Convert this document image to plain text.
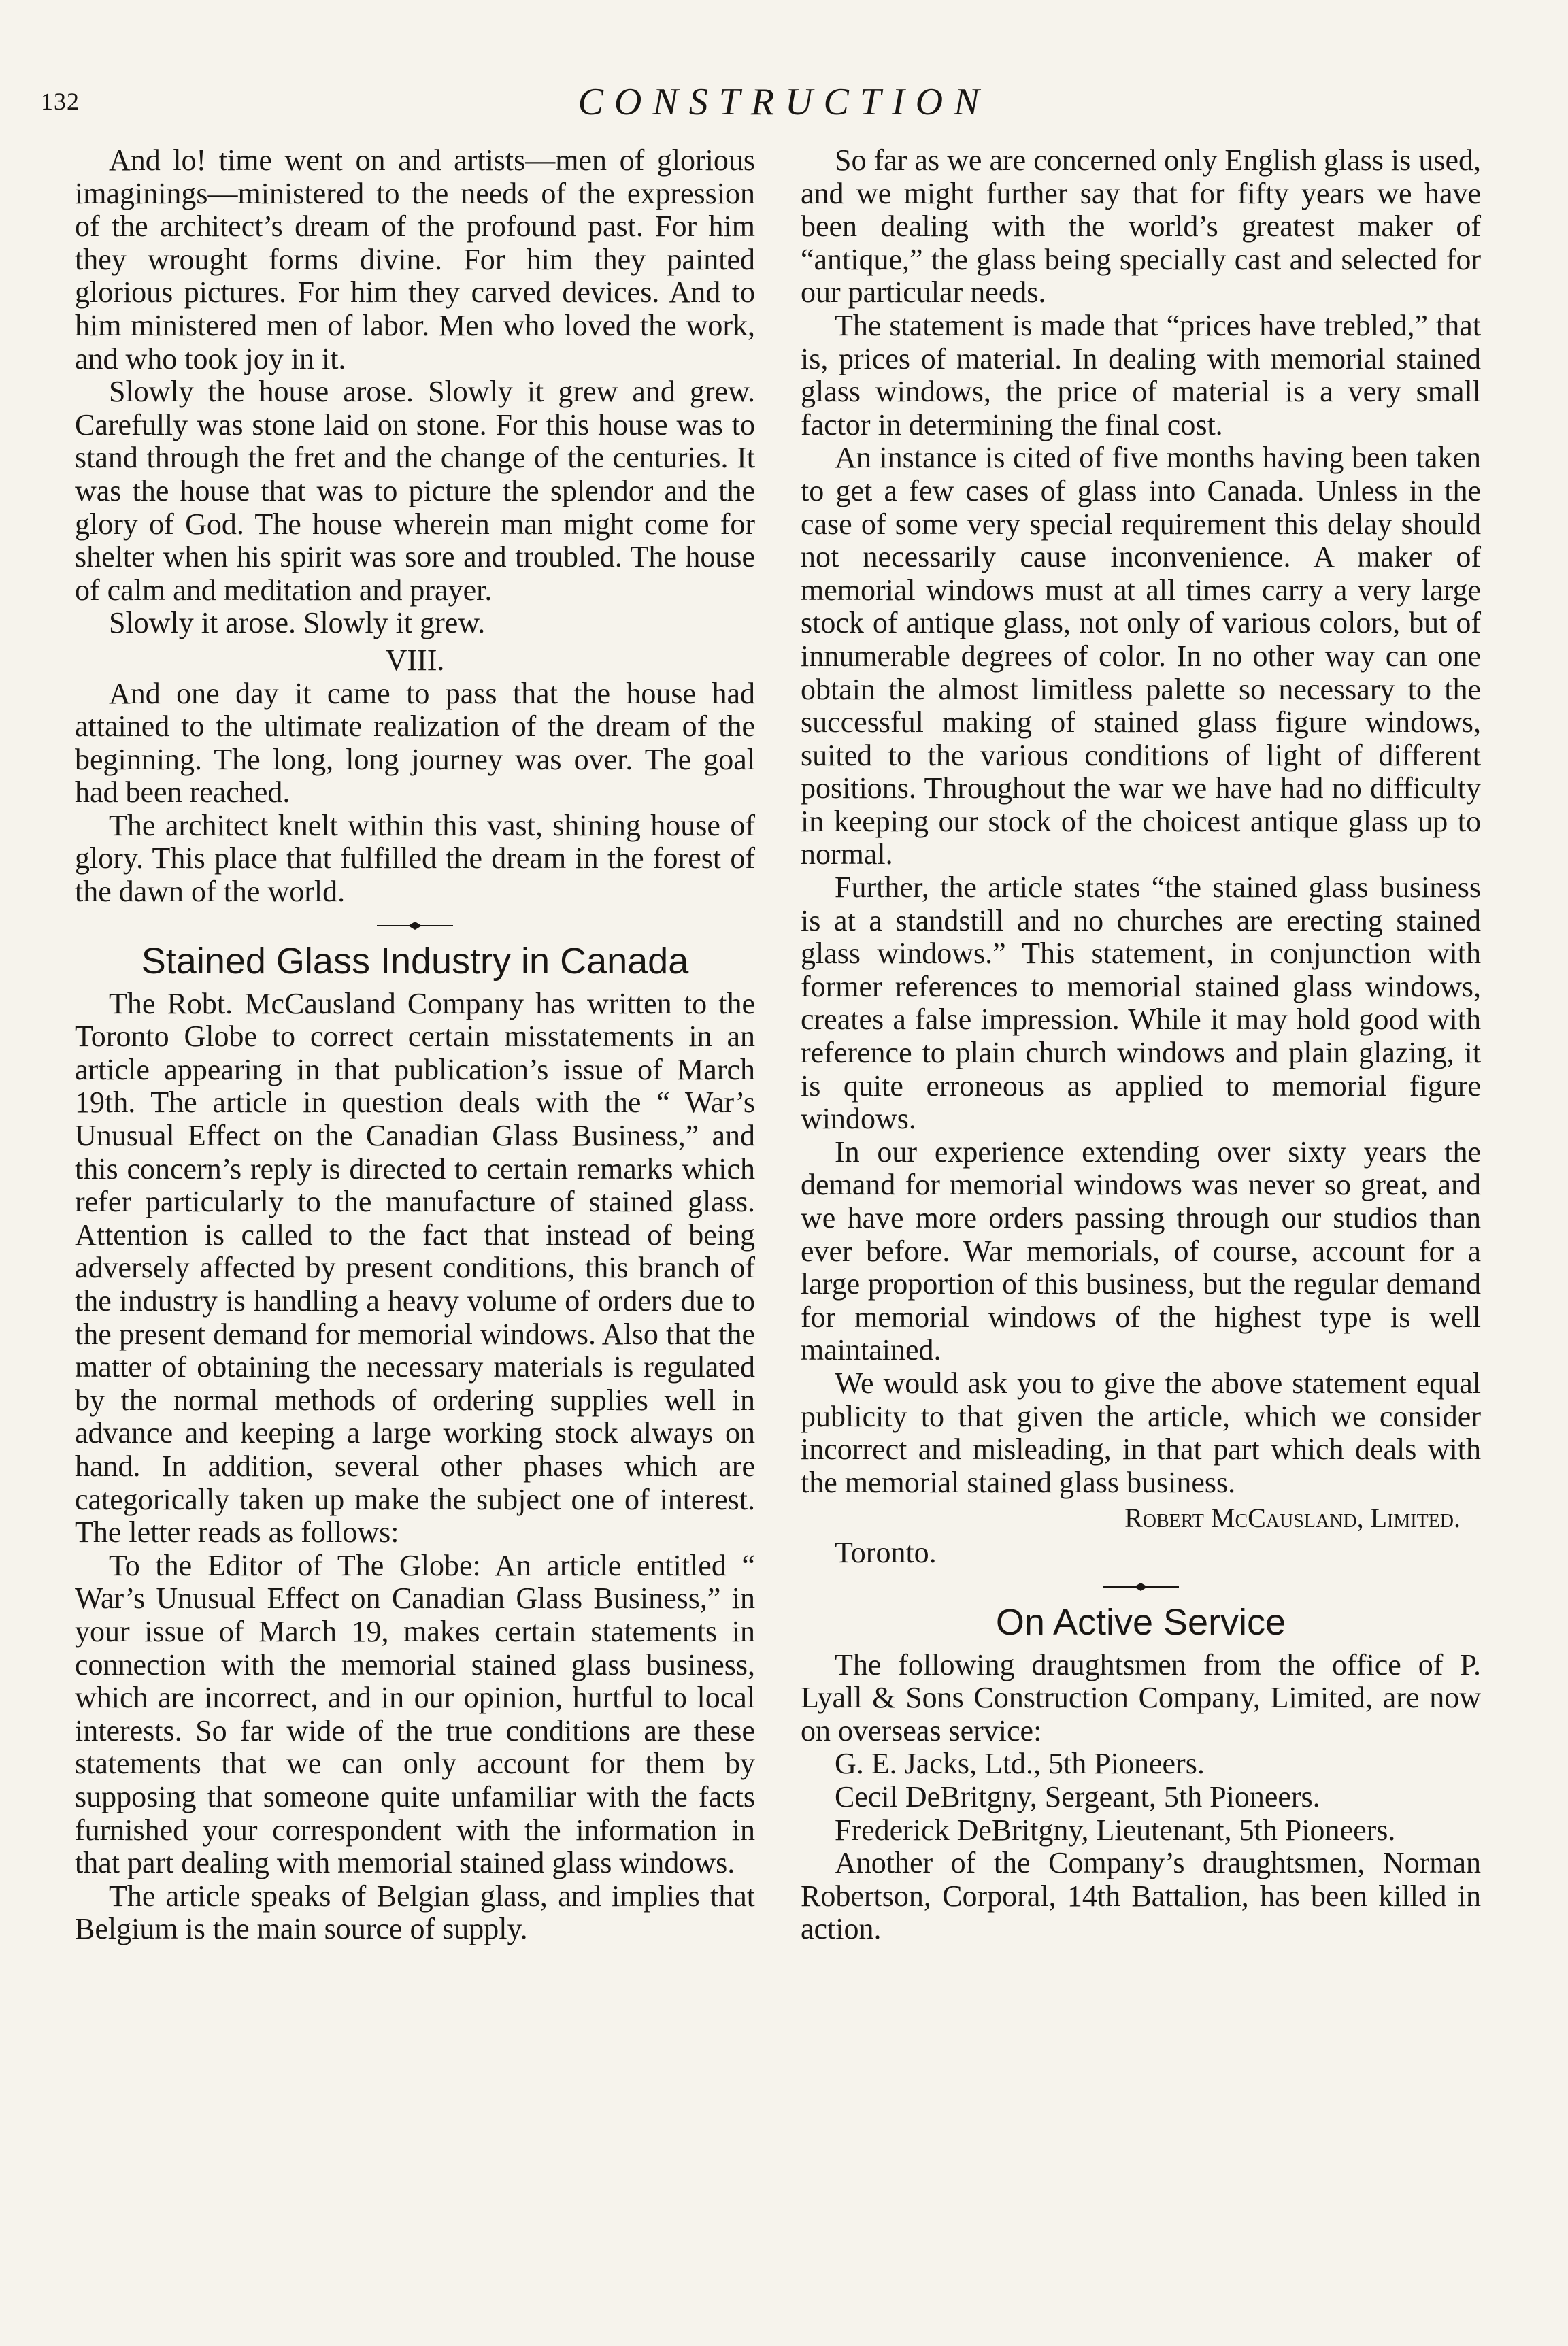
132	CONSTRUCTION

And lo! time went on and artists—men of glorious imaginings—ministered to the needs of the expression of the architect’s dream of the profound past. For him they wrought forms divine. For him they painted glorious pictures. For him they carved devices. And to him ministered men of labor. Men who loved the work, and who took joy in it.

Slowly the house arose. Slowly it grew and grew. Carefully was stone laid on stone. For this house was to stand through the fret and the change of the centuries. It was the house that was to picture the splendor and the glory of God. The house wherein man might come for shelter when his spirit was sore and troubled. The house of calm and meditation and prayer.

Slowly it arose. Slowly it grew.

VIII.

And one day it came to pass that the house had attained to the ultimate realization of the dream of the beginning. The long, long journey was over. The goal had been reached.

The architect knelt within this vast, shining house of glory. This place that fulfilled the dream in the forest of the dawn of the world.

Stained Glass Industry in Canada

The Robt. McCausland Company has written to the Toronto Globe to correct certain misstatements in an article appearing in that publication’s issue of March 19th. The article in question deals with the “ War’s Unusual Effect on the Canadian Glass Business,” and this concern’s reply is directed to certain remarks which refer particularly to the manufacture of stained glass. Attention is called to the fact that instead of being adversely affected by present conditions, this branch of the industry is handling a heavy volume of orders due to the present demand for memorial windows. Also that the matter of obtaining the necessary materials is regulated by the normal methods of ordering supplies well in advance and keeping a large working stock always on hand. In addition, several other phases which are categorically taken up make the subject one of interest. The letter reads as follows:

To the Editor of The Globe: An article entitled “ War’s Unusual Effect on Canadian Glass Business,” in your issue of March 19, makes certain statements in connection with the memorial stained glass business, which are incorrect, and in our opinion, hurtful to local interests. So far wide of the true conditions are these statements that we can only account for them by supposing that someone quite unfamiliar with the facts furnished your correspondent with the information in that part dealing with memorial stained glass windows.

The article speaks of Belgian glass, and implies that Belgium is the main source of supply.

So far as we are concerned only English glass is used, and we might further say that for fifty years we have been dealing with the world’s greatest maker of “antique,” the glass being specially cast and selected for our particular needs.

The statement is made that “prices have trebled,” that is, prices of material. In dealing with memorial stained glass windows, the price of material is a very small factor in determining the final cost.

An instance is cited of five months having been taken to get a few cases of glass into Canada. Unless in the case of some very special requirement this delay should not necessarily cause inconvenience. A maker of memorial windows must at all times carry a very large stock of antique glass, not only of various colors, but of innumerable degrees of color. In no other way can one obtain the almost limitless palette so necessary to the successful making of stained glass figure windows, suited to the various conditions of light of different positions. Throughout the war we have had no difficulty in keeping our stock of the choicest antique glass up to normal.

Further, the article states “the stained glass business is at a standstill and no churches are erecting stained glass windows.” This statement, in conjunction with former references to memorial stained glass windows, creates a false impression. While it may hold good with reference to plain church windows and plain glazing, it is quite erroneous as applied to memorial figure windows.

In our experience extending over sixty years the demand for memorial windows was never so great, and we have more orders passing through our studios than ever before. War memorials, of course, account for a large proportion of this business, but the regular demand for memorial windows of the highest type is well maintained.

We would ask you to give the above statement equal publicity to that given the article, which we consider incorrect and misleading, in that part which deals with the memorial stained glass business.

Robert McCausland, Limited.
Toronto.
On Active Service

The following draughtsmen from the office of P. Lyall & Sons Construction Company, Limited, are now on overseas service:

G. E. Jacks, Ltd., 5th Pioneers.

Cecil DeBritgny, Sergeant, 5th Pioneers.

Frederick DeBritgny, Lieutenant, 5th Pioneers.

Another of the Company’s draughtsmen, Norman Robertson, Corporal, 14th Battalion, has been killed in action.
